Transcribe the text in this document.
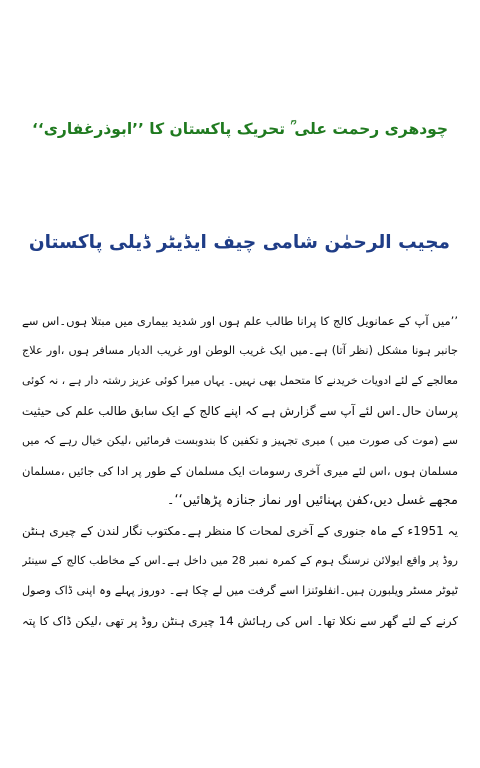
چودھری رحمت علی ؒ تحریک پاکستان کا ’’ابوذرغفاری‘‘
مجیب الرحمٰن شامی چیف ایڈیٹر ڈیلی پاکستان
’’میں آپ کے عمانویل کالج کا پرانا طالب علم ہوں اور شدید بیماری میں مبتلا ہوں۔اس سے
جانبر ہونا مشکل (نظر آتا) ہے۔میں ایک غریب الوطن اور غریب الدیار مسافر ہوں ،اور علاج
معالجے کے لئے ادویات خریدنے کا متحمل بھی نہیں۔ یہاں میرا کوئی عزیز رشتہ دار ہے ، نہ کوئی
پرسان حال۔اس لئے آپ سے گزارش ہے کہ اپنے کالج کے ایک سابق طالب علم کی حیثیت
سے (موت کی صورت میں ) میری تجہیز و تکفین کا بندوبست فرمائیں ،لیکن خیال رہے کہ میں
مسلمان ہوں ،اس لئے میری آخری رسومات ایک مسلمان کے طور پر ادا کی جائیں ،مسلمان
مجھے غسل دیں،کفن پہنائیں اور نماز جنازہ پڑھائیں‘‘۔
یہ 1951ء کے ماہ جنوری کے آخری لمحات کا منظر ہے۔مکتوب نگار لندن کے چیری ہنٹن
روڈ پر واقع ایولائن نرسنگ ہوم کے کمرہ نمبر 28 میں داخل ہے۔اس کے مخاطب کالج کے سینئر
ٹیوٹر مسٹر ویلبورن ہیں۔انفلوئنزا اسے گرفت میں لے چکا ہے۔ دوروز پہلے وہ اپنی ڈاک وصول
کرنے کے لئے گھر سے نکلا تھا۔ اس کی رہائش 14 چیری ہنٹن روڈ پر تھی ،لیکن ڈاک کا پتہ
